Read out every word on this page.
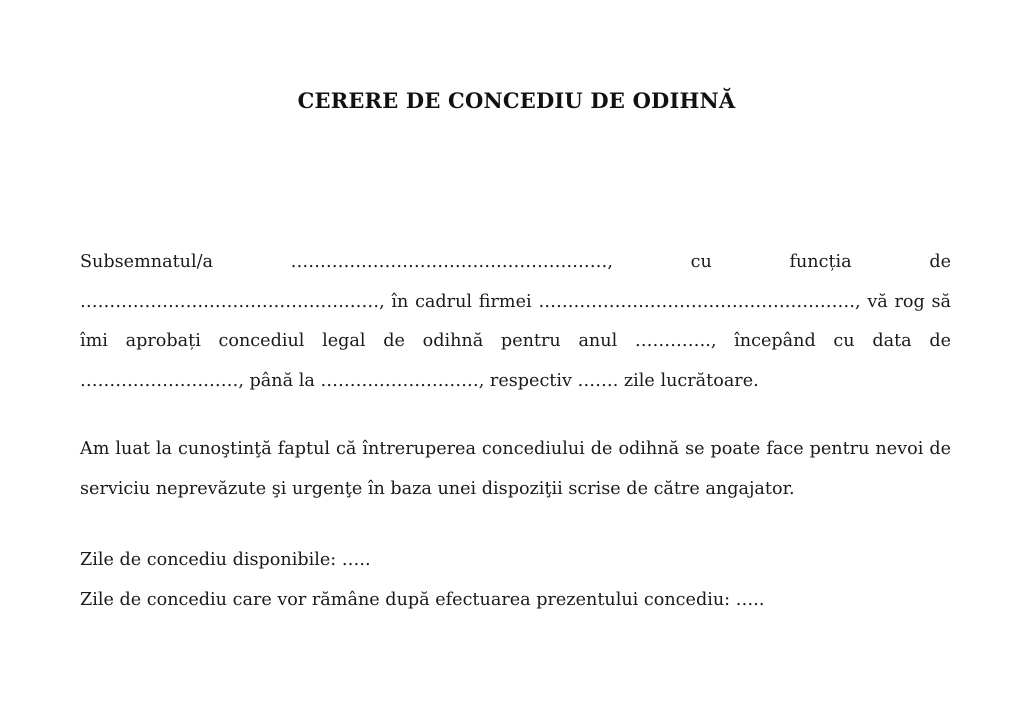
CERERE DE CONCEDIU DE ODIHNĂ

Subsemnatul/a ………………………………………………, cu funcția de ……………………………………………, în cadrul firmei ………………………………………………, vă rog să îmi aprobați concediul legal de odihnă pentru anul …………., începând cu data de ………………………, până la ………………………, respectiv ……. zile lucrătoare.

Am luat la cunoştinţă faptul că întreruperea concediului de odihnă se poate face pentru nevoi de serviciu neprevăzute şi urgenţe în baza unei dispoziţii scrise de către angajator.

Zile de concediu disponibile: …..
Zile de concediu care vor rămâne după efectuarea prezentului concediu: …..
